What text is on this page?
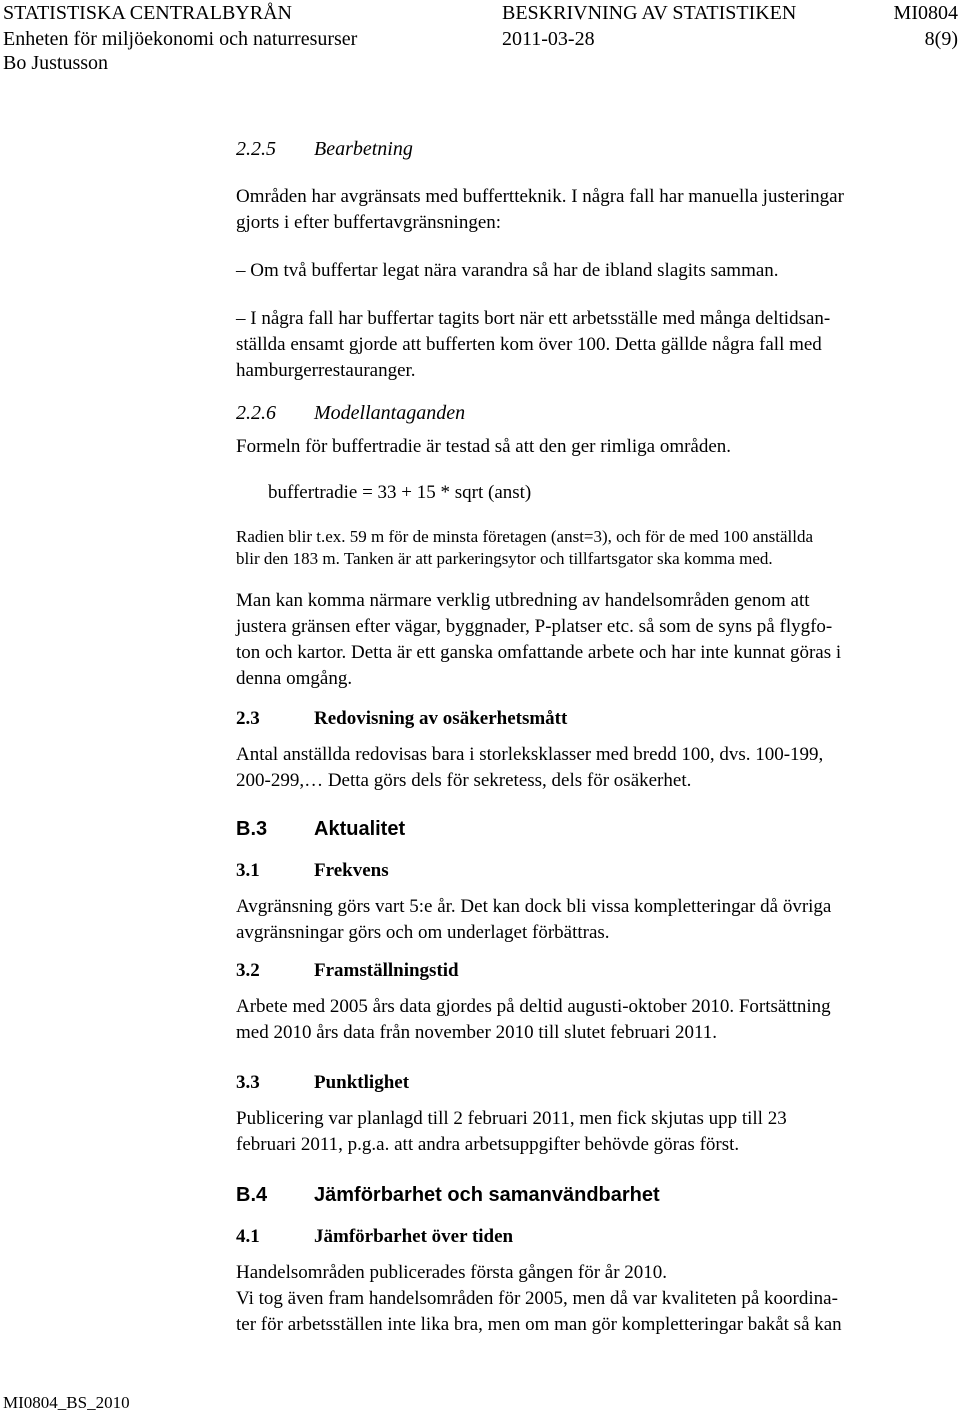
STATISTISKA CENTRALBYRÅN
Enheten för miljöekonomi och naturresurser
Bo Justusson
BESKRIVNING AV STATISTIKEN	MI0804
2011-03-28	8(9)
2.2.5 Bearbetning

Områden har avgränsats med buffertteknik. I några fall har manuella justeringar

gjorts i efter buffertavgränsningen:

– Om två buffertar legat nära varandra så har de ibland slagits samman.

– I några fall har buffertar tagits bort när ett arbetsställe med många deltidsan-

ställda ensamt gjorde att bufferten kom över 100. Detta gällde några fall med

hamburgerrestauranger.

2.2.6 Modellantaganden

Formeln för buffertradie är testad så att den ger rimliga områden.

buffertradie = 33 + 15 * sqrt (anst)

Radien blir t.ex. 59 m för de minsta företagen (anst=3), och för de med 100 anställda

blir den 183 m. Tanken är att parkeringsytor och tillfartsgator ska komma med.

Man kan komma närmare verklig utbredning av handelsområden genom att

justera gränsen efter vägar, byggnader, P-platser etc. så som de syns på flygfo-

ton och kartor. Detta är ett ganska omfattande arbete och har inte kunnat göras i

denna omgång.

2.3	Redovisning av osäkerhetsmått

Antal anställda redovisas bara i storleksklasser med bredd 100, dvs. 100-199,

200-299,… Detta görs dels för sekretess, dels för osäkerhet.

B.3 Aktualitet
3.1	Frekvens

Avgränsning görs vart 5:e år. Det kan dock bli vissa kompletteringar då övriga

avgränsningar görs och om underlaget förbättras.

3.2	Framställningstid

Arbete med 2005 års data gjordes på deltid augusti-oktober 2010. Fortsättning

med 2010 års data från november 2010 till slutet februari 2011.

3.3	Punktlighet

Publicering var planlagd till 2 februari 2011, men fick skjutas upp till 23

februari 2011, p.g.a. att andra arbetsuppgifter behövde göras först.

B.4 Jämförbarhet och samanvändbarhet
4.1	Jämförbarhet över tiden

Handelsområden publicerades första gången för år 2010.

Vi tog även fram handelsområden för 2005, men då var kvaliteten på koordina-

ter för arbetsställen inte lika bra, men om man gör kompletteringar bakåt så kan

MI0804_BS_2010
